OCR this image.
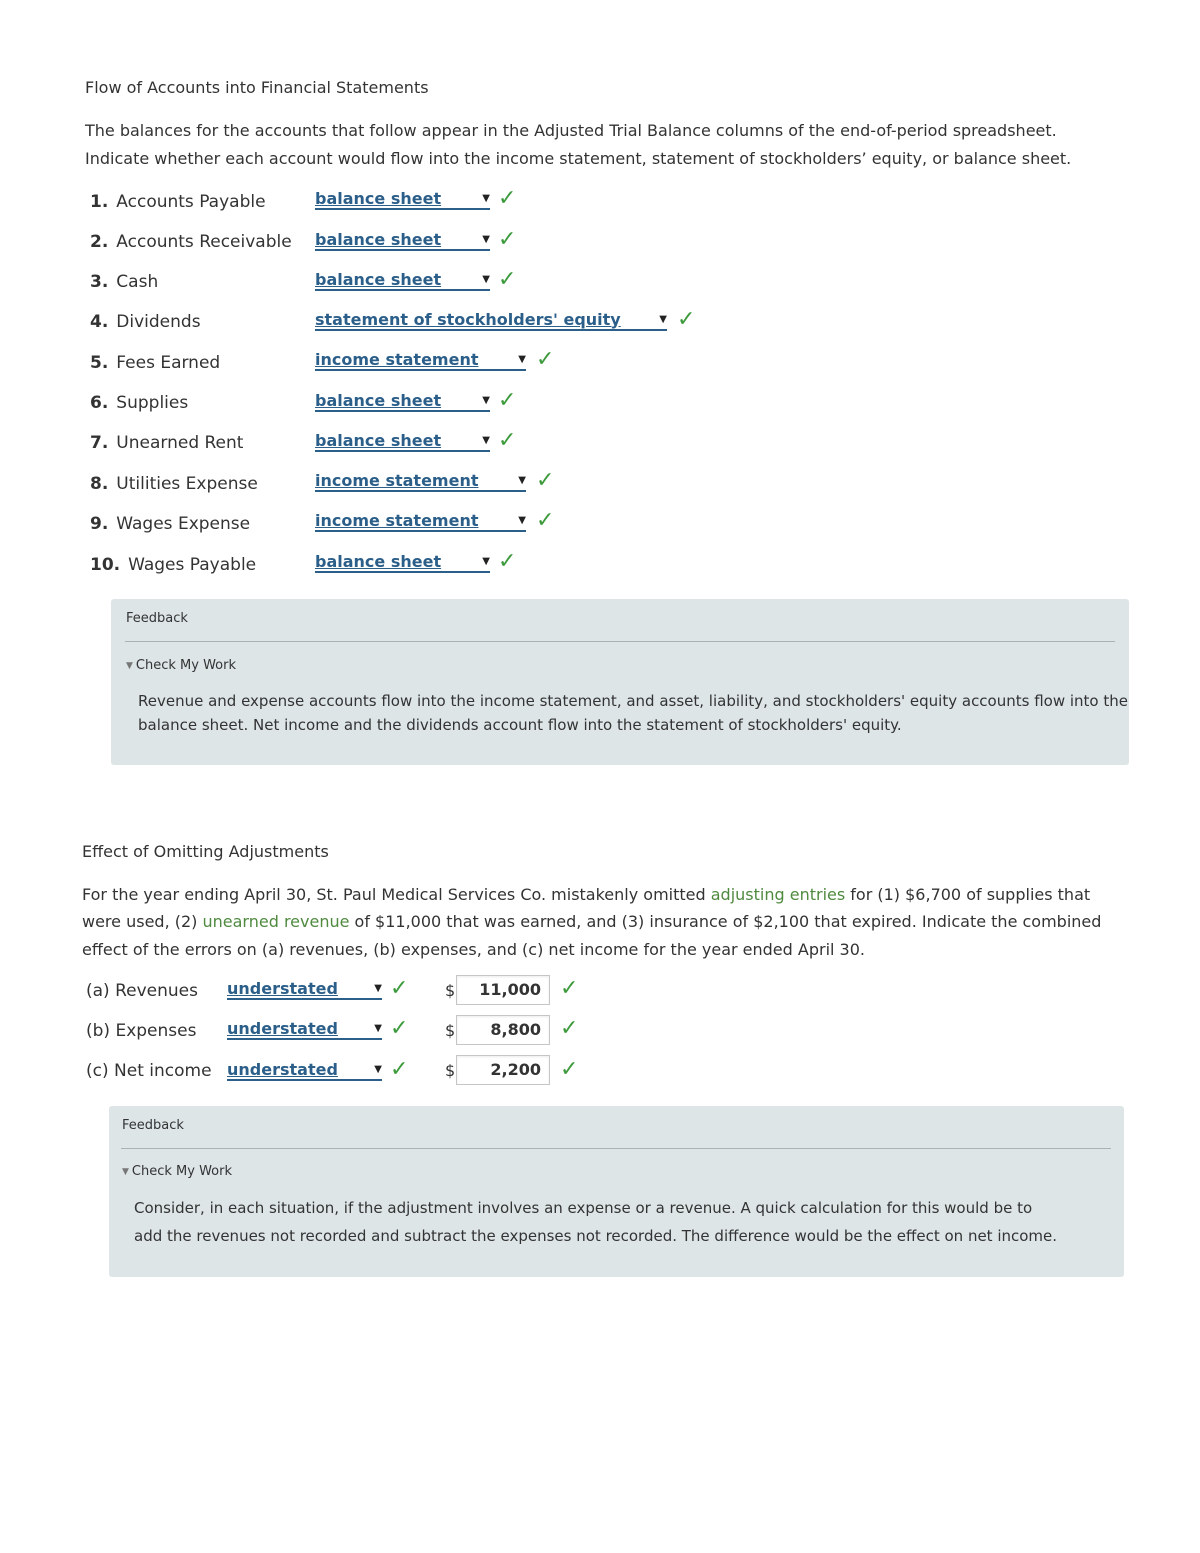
Flow of Accounts into Financial Statements

The balances for the accounts that follow appear in the Adjusted Trial Balance columns of the end-of-period spreadsheet.

Indicate whether each account would flow into the income statement, statement of stockholders’ equity, or balance sheet.

1. Accounts Payable	balance sheet	▼ ✓
2. Accounts Receivable balance sheet	▼ ✓
3. Cash	balance sheet	▼ ✓
4. Dividends	statement of stockholders' equity	▼ ✓
5. Fees Earned	income statement	▼ ✓
6. Supplies	balance sheet	▼ ✓
7. Unearned Rent	balance sheet	▼ ✓
8. Utilities Expense	income statement	▼ ✓
9. Wages Expense	income statement	▼ ✓
10. Wages Payable	balance sheet	▼ ✓
Feedback
▼ Check My Work

Revenue and expense accounts flow into the income statement, and asset, liability, and stockholders' equity accounts flow into the

balance sheet. Net income and the dividends account flow into the statement of stockholders' equity.

Effect of Omitting Adjustments

For the year ending April 30, St. Paul Medical Services Co. mistakenly omitted adjusting entries for (1) $6,700 of supplies that

were used, (2) unearned revenue of $11,000 that was earned, and (3) insurance of $2,100 that expired. Indicate the combined

effect of the errors on (a) revenues, (b) expenses, and (c) net income for the year ended April 30.

(a) Revenues understated	▼ ✓ $	11,000 ✓
(b) Expenses understated	▼ ✓ $	8,800 ✓
(c) Net income understated	▼ ✓ $	2,200 ✓
Feedback
▼ Check My Work

Consider, in each situation, if the adjustment involves an expense or a revenue. A quick calculation for this would be to

add the revenues not recorded and subtract the expenses not recorded. The difference would be the effect on net income.
